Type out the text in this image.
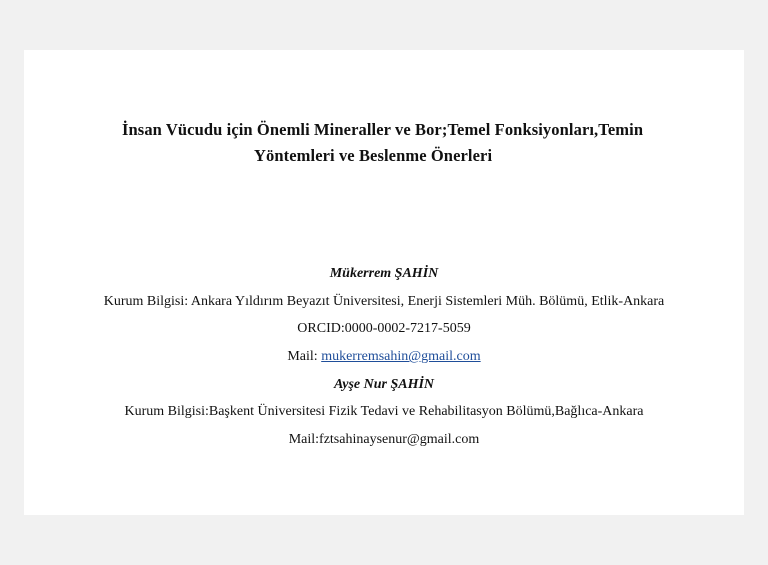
İnsan Vücudu için Önemli Mineraller ve Bor;Temel Fonksiyonları,Temin
Yöntemleri ve Beslenme Önerleri
Mükerrem ŞAHİN
Kurum Bilgisi: Ankara Yıldırım Beyazıt Üniversitesi, Enerji Sistemleri Müh. Bölümü, Etlik-Ankara
ORCID:0000-0002-7217-5059
Mail: mukerremsahin@gmail.com
Ayşe Nur ŞAHİN
Kurum Bilgisi:Başkent Üniversitesi Fizik Tedavi ve Rehabilitasyon Bölümü,Bağlıca-Ankara
Mail:fztsahinaysenur@gmail.com
